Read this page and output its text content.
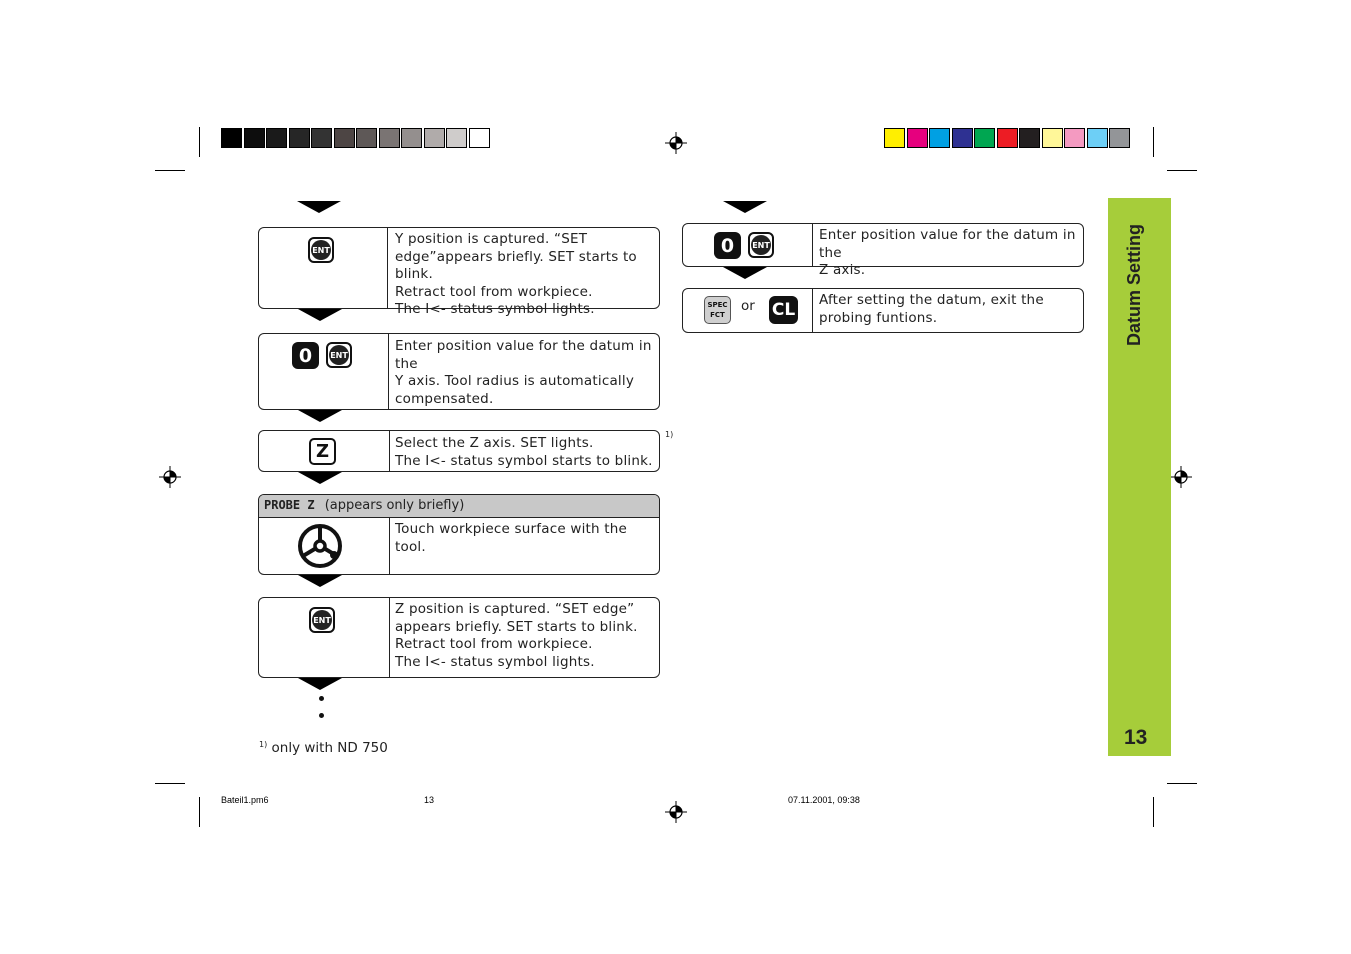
Datum Setting
13
ENT
Y position is captured. “SET
edge”appears briefly. SET starts to blink.
Retract tool from workpiece.
The I<- status symbol lights.
0	ENT
Enter position value for the datum in the
Y axis. Tool radius is automatically
compensated.
Z	Select the Z axis. SET lights.
The I<- status symbol starts to blink.
1)
PROBE Z (appears only briefly)
Touch workpiece surface with the tool.
ENT
Z position is captured. “SET edge”
appears briefly. SET starts to blink.
Retract tool from workpiece.
The I<- status symbol lights.
$^{1)}$ only with ND 750
0	ENT
Enter position value for the datum in the
Z axis.
SPEC
FCT
or CL After setting the datum, exit the
probing funtions.
Bateil1.pm6	13	07.11.2001, 09:38
